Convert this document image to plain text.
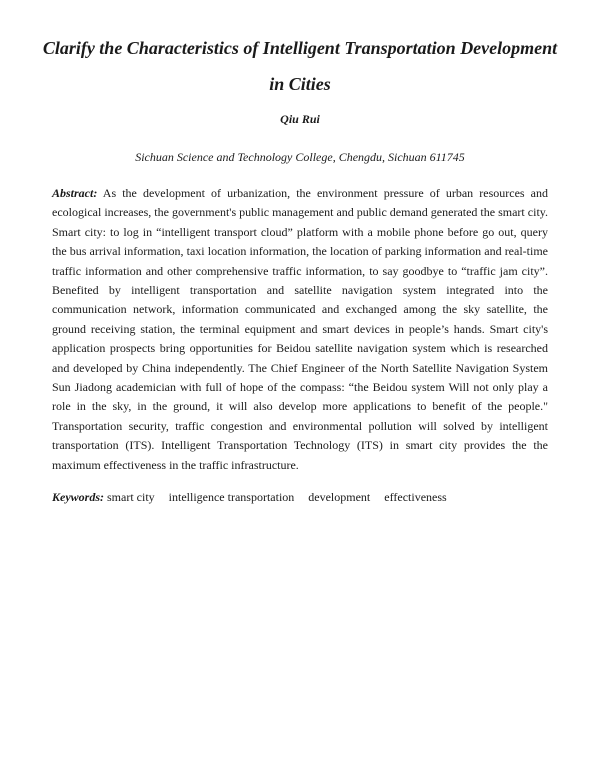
Clarify the Characteristics of Intelligent Transportation Development in Cities

Qiu Rui

Sichuan Science and Technology College, Chengdu, Sichuan 611745

Abstract: As the development of urbanization, the environment pressure of urban resources and ecological increases, the government's public management and public demand generated the smart city. Smart city: to log in “intelligent transport cloud” platform with a mobile phone before go out, query the bus arrival information, taxi location information, the location of parking information and real-time traffic information and other comprehensive traffic information, to say goodbye to “traffic jam city”. Benefited by intelligent transportation and satellite navigation system integrated into the communication network, information communicated and exchanged among the sky satellite, the ground receiving station, the terminal equipment and smart devices in people’s hands. Smart city's application prospects bring opportunities for Beidou satellite navigation system which is researched and developed by China independently. The Chief Engineer of the North Satellite Navigation System Sun Jiadong academician with full of hope of the compass: “the Beidou system Will not only play a role in the sky, in the ground, it will also develop more applications to benefit of the people." Transportation security, traffic congestion and environmental pollution will solved by intelligent transportation (ITS). Intelligent Transportation Technology (ITS) in smart city provides the the maximum effectiveness in the traffic infrastructure.

Keywords: smart city intelligence transportation development effectiveness
